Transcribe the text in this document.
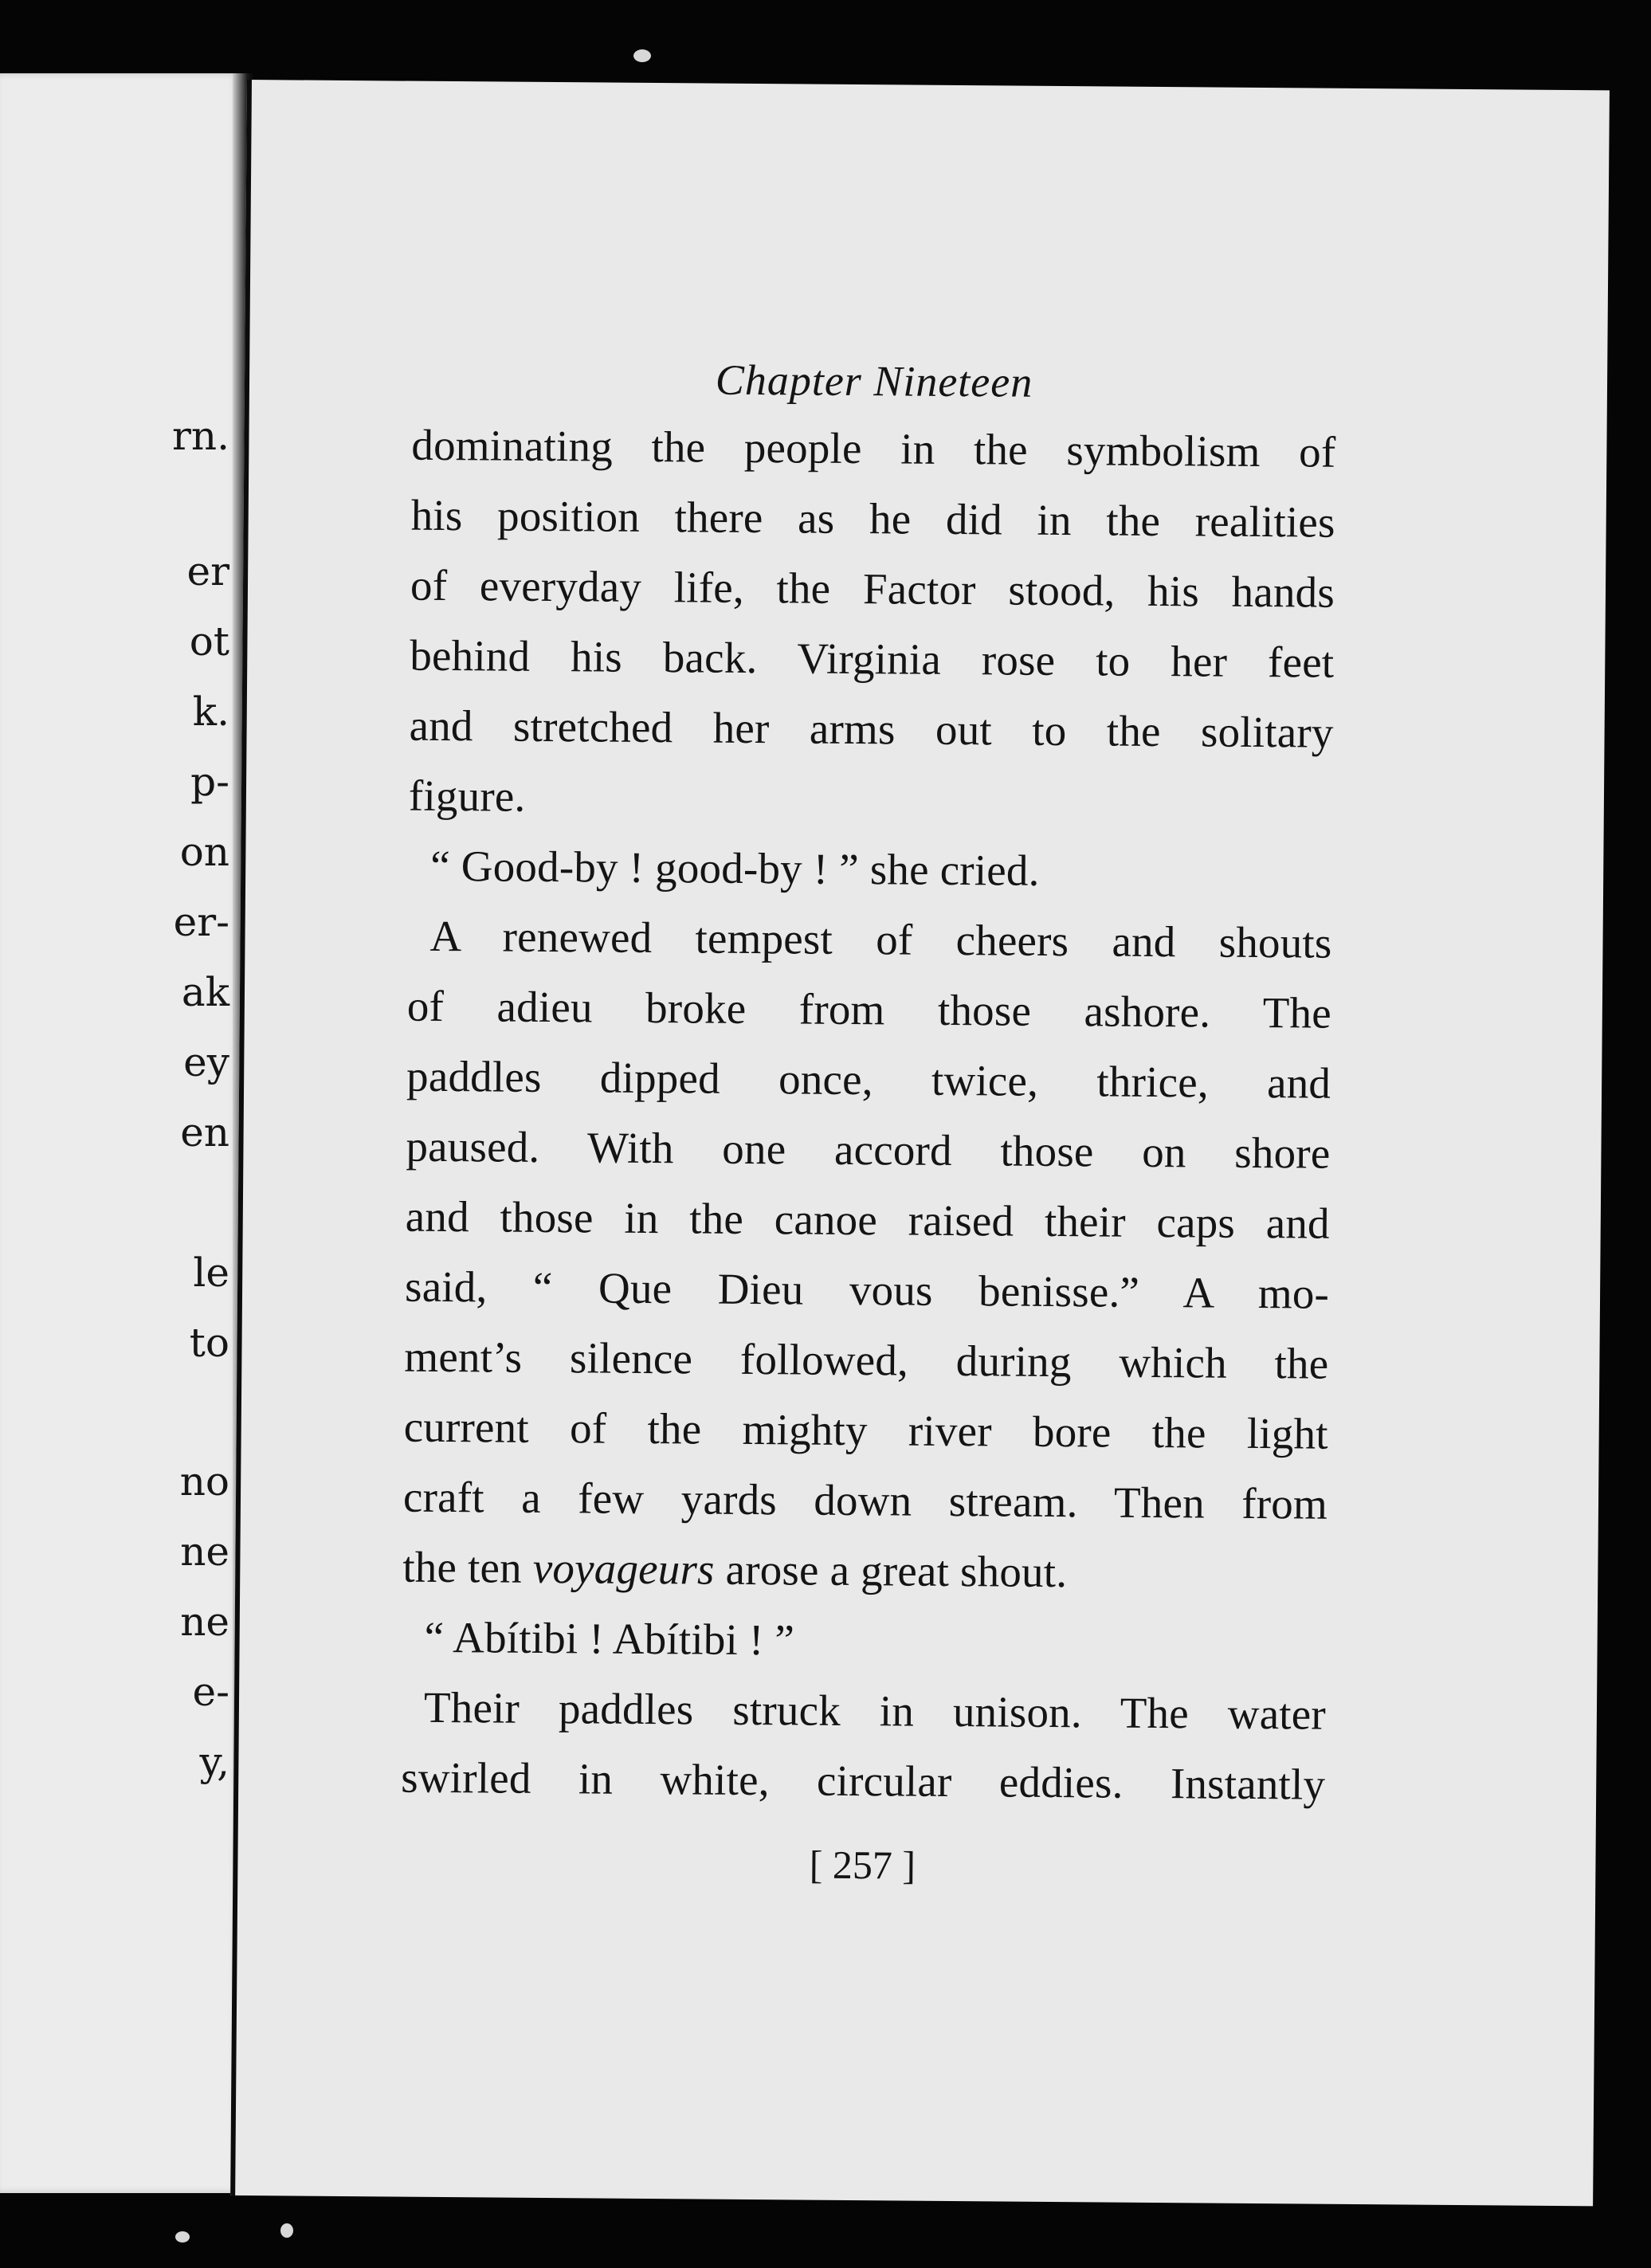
rn.
er
ot
k.
p-
on
er-
ak
ey
en
le
to
no
ne
ne
e-
y,
Chapter Nineteen

dominating the people in the symbolism of

his position there as he did in the realities

of everyday life, the Factor stood, his hands

behind his back. Virginia rose to her feet

and stretched her arms out to the solitary

figure.

“ Good-by ! good-by ! ” she cried.

A renewed tempest of cheers and shouts

of adieu broke from those ashore. The

paddles dipped once, twice, thrice, and

paused. With one accord those on shore

and those in the canoe raised their caps and

said, “ Que Dieu vous benisse.” A mo-

ment’s silence followed, during which the

current of the mighty river bore the light

craft a few yards down stream. Then from

the ten voyageurs arose a great shout.

“ Abítibi ! Abítibi ! ”

Their paddles struck in unison. The water

swirled in white, circular eddies. Instantly

[ 257 ]
